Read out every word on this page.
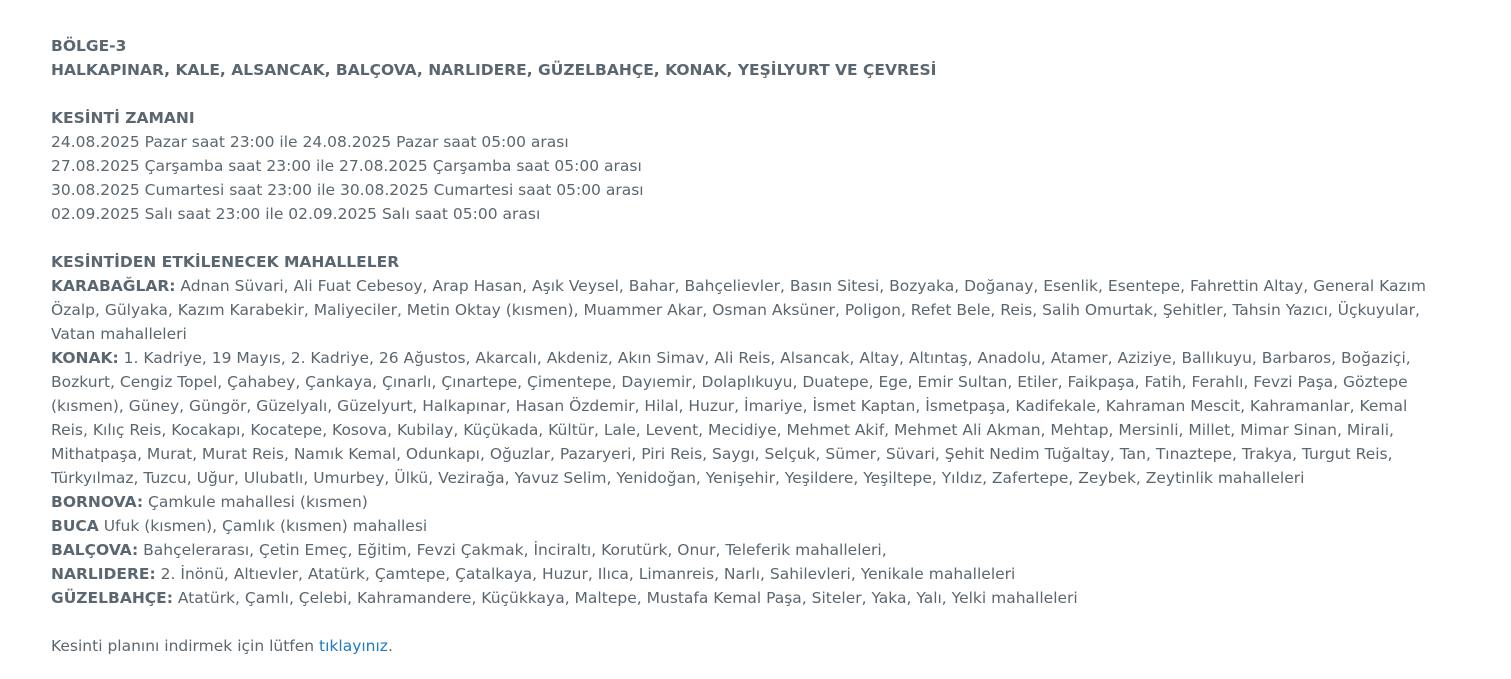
BÖLGE-3

HALKAPINAR, KALE, ALSANCAK, BALÇOVA, NARLIDERE, GÜZELBAHÇE, KONAK, YEŞİLYURT VE ÇEVRESİ

KESİNTİ ZAMANI

24.08.2025 Pazar saat 23:00 ile 24.08.2025 Pazar saat 05:00 arası

27.08.2025 Çarşamba saat 23:00 ile 27.08.2025 Çarşamba saat 05:00 arası

30.08.2025 Cumartesi saat 23:00 ile 30.08.2025 Cumartesi saat 05:00 arası

02.09.2025 Salı saat 23:00 ile 02.09.2025 Salı saat 05:00 arası

KESİNTİDEN ETKİLENECEK MAHALLELER

KARABAĞLAR: Adnan Süvari, Ali Fuat Cebesoy, Arap Hasan, Aşık Veysel, Bahar, Bahçelievler, Basın Sitesi, Bozyaka, Doğanay, Esenlik, Esentepe, Fahrettin Altay, General Kazım Özalp, Gülyaka, Kazım Karabekir, Maliyeciler, Metin Oktay (kısmen), Muammer Akar, Osman Aksüner, Poligon, Refet Bele, Reis, Salih Omurtak, Şehitler, Tahsin Yazıcı, Üçkuyular, Vatan mahalleleri

KONAK: 1. Kadriye, 19 Mayıs, 2. Kadriye, 26 Ağustos, Akarcalı, Akdeniz, Akın Simav, Ali Reis, Alsancak, Altay, Altıntaş, Anadolu, Atamer, Aziziye, Ballıkuyu, Barbaros, Boğaziçi, Bozkurt, Cengiz Topel, Çahabey, Çankaya, Çınarlı, Çınartepe, Çimentepe, Dayıemir, Dolaplıkuyu, Duatepe, Ege, Emir Sultan, Etiler, Faikpaşa, Fatih, Ferahlı, Fevzi Paşa, Göztepe (kısmen), Güney, Güngör, Güzelyalı, Güzelyurt, Halkapınar, Hasan Özdemir, Hilal, Huzur, İmariye, İsmet Kaptan, İsmetpaşa, Kadifekale, Kahraman Mescit, Kahramanlar, Kemal Reis, Kılıç Reis, Kocakapı, Kocatepe, Kosova, Kubilay, Küçükada, Kültür, Lale, Levent, Mecidiye, Mehmet Akif, Mehmet Ali Akman, Mehtap, Mersinli, Millet, Mimar Sinan, Mirali, Mithatpaşa, Murat, Murat Reis, Namık Kemal, Odunkapı, Oğuzlar, Pazaryeri, Piri Reis, Saygı, Selçuk, Sümer, Süvari, Şehit Nedim Tuğaltay, Tan, Tınaztepe, Trakya, Turgut Reis, Türkyılmaz, Tuzcu, Uğur, Ulubatlı, Umurbey, Ülkü, Vezirağa, Yavuz Selim, Yenidoğan, Yenişehir, Yeşildere, Yeşiltepe, Yıldız, Zafertepe, Zeybek, Zeytinlik mahalleleri

BORNOVA: Çamkule mahallesi (kısmen)

BUCA Ufuk (kısmen), Çamlık (kısmen) mahallesi

BALÇOVA: Bahçelerarası, Çetin Emeç, Eğitim, Fevzi Çakmak, İnciraltı, Korutürk, Onur, Teleferik mahalleleri,

NARLIDERE: 2. İnönü, Altıevler, Atatürk, Çamtepe, Çatalkaya, Huzur, Ilıca, Limanreis, Narlı, Sahilevleri, Yenikale mahalleleri

GÜZELBAHÇE: Atatürk, Çamlı, Çelebi, Kahramandere, Küçükkaya, Maltepe, Mustafa Kemal Paşa, Siteler, Yaka, Yalı, Yelki mahalleleri

Kesinti planını indirmek için lütfen tıklayınız.
